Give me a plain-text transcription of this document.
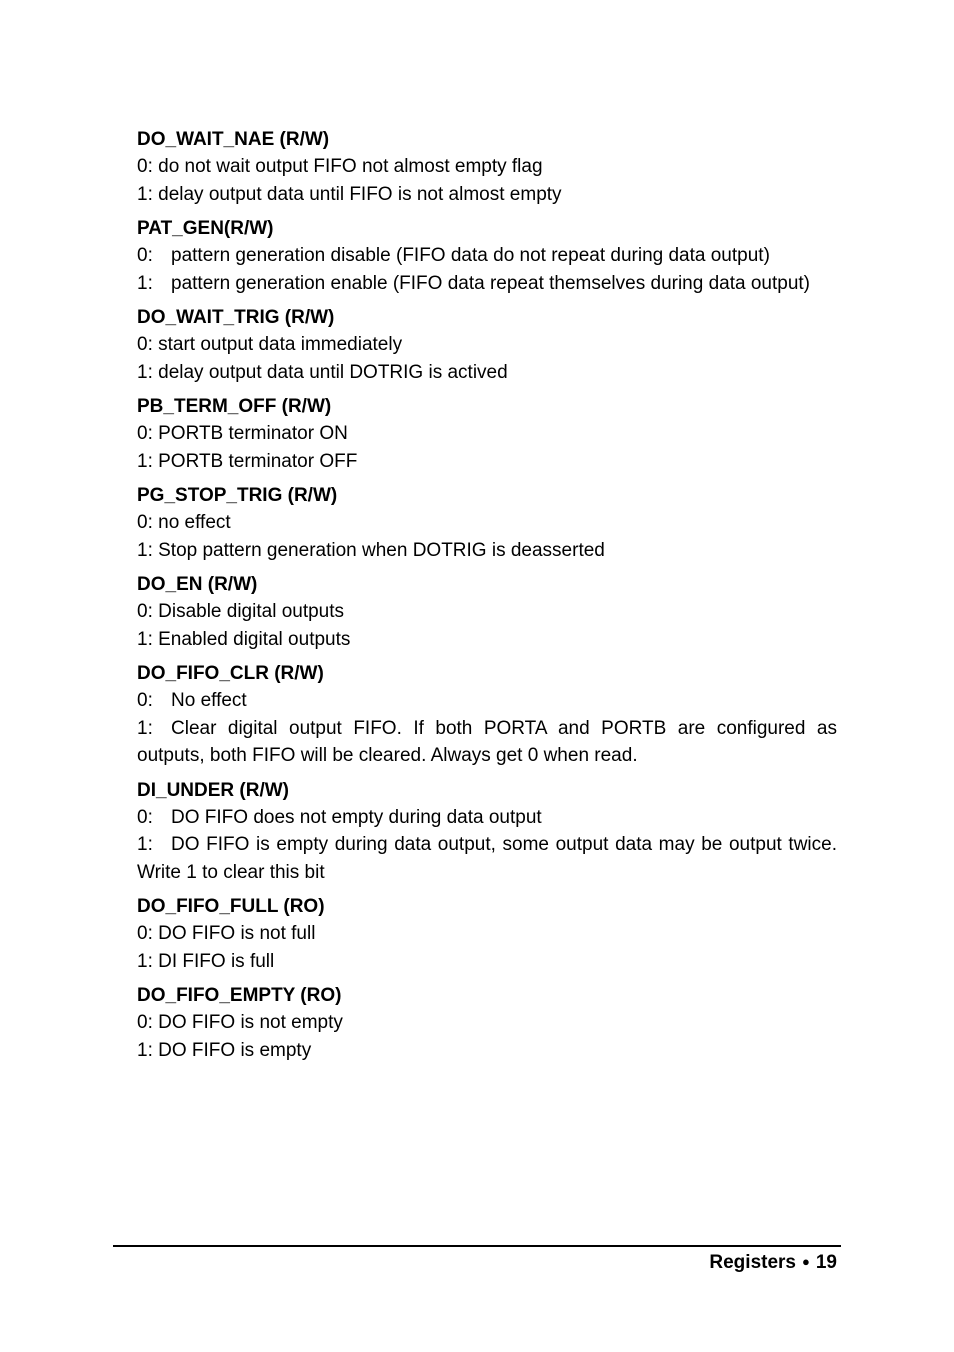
DO_WAIT_NAE (R/W)
0: do not wait output FIFO not almost empty flag
1: delay output data until FIFO is not almost empty
PAT_GEN(R/W)
0: pattern generation disable (FIFO data do not repeat during data output)
1: pattern generation enable (FIFO data repeat themselves during data output)
DO_WAIT_TRIG (R/W)
0: start output data immediately
1: delay output data until DOTRIG is actived
PB_TERM_OFF (R/W)
0: PORTB terminator ON
1: PORTB terminator OFF
PG_STOP_TRIG (R/W)
0: no effect
1: Stop pattern generation when DOTRIG is deasserted
DO_EN (R/W)
0: Disable digital outputs
1: Enabled digital outputs
DO_FIFO_CLR (R/W)
0: No effect
1: Clear digital output FIFO. If both PORTA and PORTB are configured as outputs, both FIFO will be cleared. Always get 0 when read.
DI_UNDER (R/W)
0: DO FIFO does not empty during data output
1: DO FIFO is empty during data output, some output data may be output twice. Write 1 to clear this bit
DO_FIFO_FULL (RO)
0: DO FIFO is not full
1: DI FIFO is full
DO_FIFO_EMPTY (RO)
0: DO FIFO is not empty
1: DO FIFO is empty
Registers ● 19
